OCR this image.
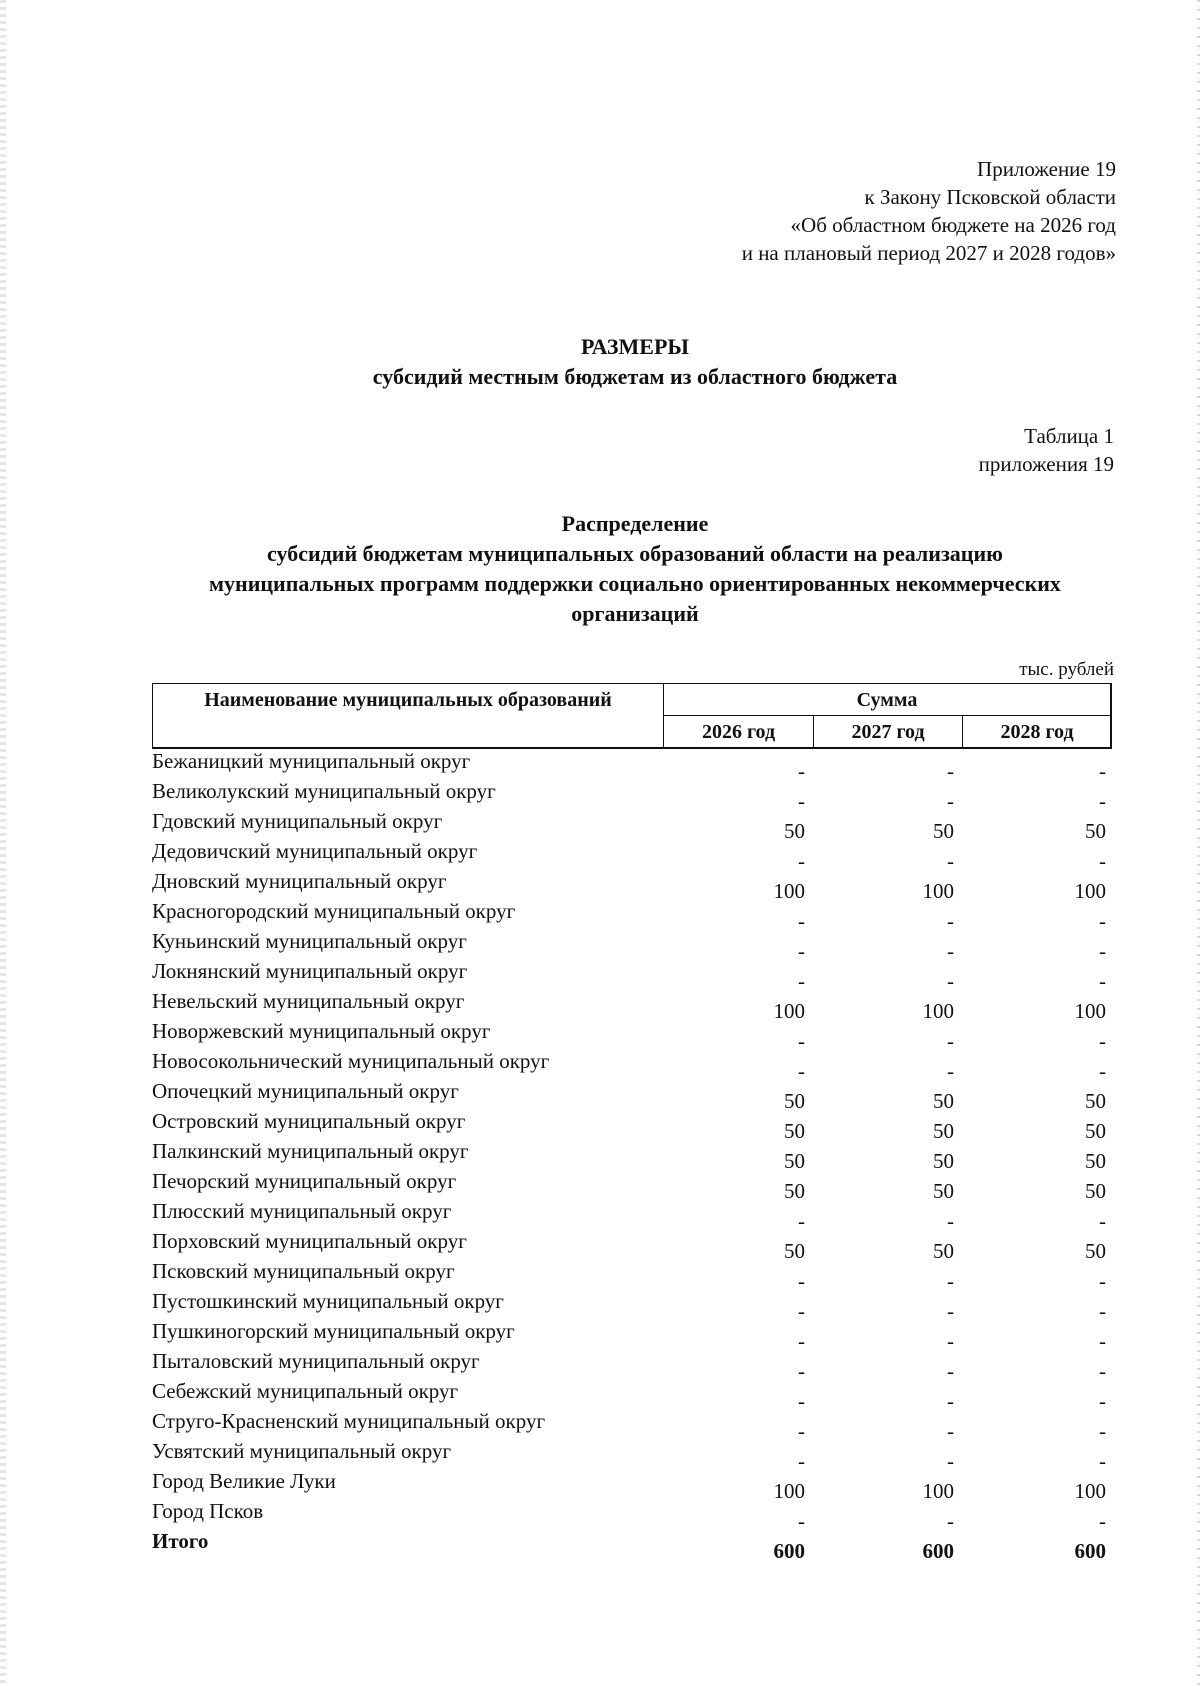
Приложение 19
к Закону Псковской области
«Об областном бюджете на 2026 год
и на плановый период 2027 и 2028 годов»
РАЗМЕРЫ
субсидий местным бюджетам из областного бюджета
Таблица 1
приложения 19
Распределение
субсидий бюджетам муниципальных образований области на реализацию
муниципальных программ поддержки социально ориентированных некоммерческих
организаций
тыс. рублей
Наименование муниципальных образований	Сумма
2026 год	2027 год	2028 год
Бежаницкий муниципальный округ	-	-	-
Великолукский муниципальный округ	-	-	-
Гдовский муниципальный округ	50	50	50
Дедовичский муниципальный округ	-	-	-
Дновский муниципальный округ	100	100	100
Красногородский муниципальный округ	-	-	-
Куньинский муниципальный округ	-	-	-
Локнянский муниципальный округ	-	-	-
Невельский муниципальный округ	100	100	100
Новоржевский муниципальный округ	-	-	-
Новосокольнический муниципальный округ	-	-	-
Опочецкий муниципальный округ	50	50	50
Островский муниципальный округ	50	50	50
Палкинский муниципальный округ	50	50	50
Печорский муниципальный округ	50	50	50
Плюсский муниципальный округ	-	-	-
Порховский муниципальный округ	50	50	50
Псковский муниципальный округ	-	-	-
Пустошкинский муниципальный округ	-	-	-
Пушкиногорский муниципальный округ	-	-	-
Пыталовский муниципальный округ	-	-	-
Себежский муниципальный округ	-	-	-
Струго-Красненский муниципальный округ	-	-	-
Усвятский муниципальный округ	-	-	-
Город Великие Луки	100	100	100
Город Псков	-	-	-
Итого	600	600	600
